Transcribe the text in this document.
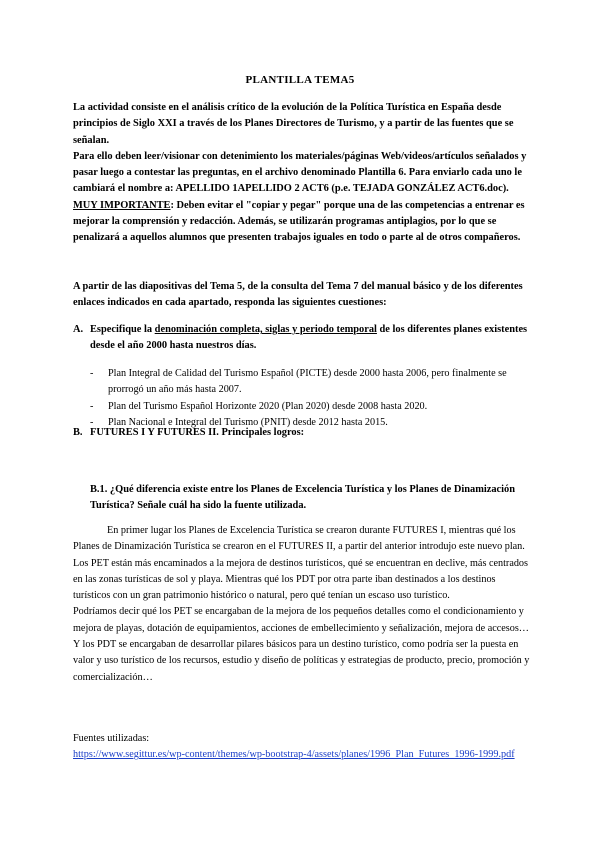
PLANTILLA TEMA5

La actividad consiste en el análisis crítico de la evolución de la Política Turística en España desde principios de Siglo XXI a través de los Planes Directores de Turismo, y a partir de las fuentes que se señalan.

Para ello deben leer/visionar con detenimiento los materiales/páginas Web/videos/artículos señalados y pasar luego a contestar las preguntas, en el archivo denominado Plantilla 6. Para enviarlo cada uno le cambiará el nombre a: APELLIDO 1APELLIDO 2 ACT6 (p.e. TEJADA GONZÁLEZ ACT6.doc).

MUY IMPORTANTE: Deben evitar el "copiar y pegar" porque una de las competencias a entrenar es mejorar la comprensión y redacción. Además, se utilizarán programas antiplagios, por lo que se penalizará a aquellos alumnos que presenten trabajos iguales en todo o parte al de otros compañeros.

A partir de las diapositivas del Tema 5, de la consulta del Tema 7 del manual básico y de los diferentes enlaces indicados en cada apartado, responda las siguientes cuestiones:
A. Especifique la denominación completa, siglas y periodo temporal de los diferentes planes existentes desde el año 2000 hasta nuestros días.
- Plan Integral de Calidad del Turismo Español (PICTE) desde 2000 hasta 2006, pero finalmente se prorrogó un año más hasta 2007.
- Plan del Turismo Español Horizonte 2020 (Plan 2020) desde 2008 hasta 2020.
- Plan Nacional e Integral del Turismo (PNIT) desde 2012 hasta 2015.
B. FUTURES I Y FUTURES II. Principales logros:
B.1. ¿Qué diferencia existe entre los Planes de Excelencia Turística y los Planes de Dinamización Turística? Señale cuál ha sido la fuente utilizada.

En primer lugar los Planes de Excelencia Turística se crearon durante FUTURES I, mientras qué los Planes de Dinamización Turística se crearon en el FUTURES II, a partir del anterior introdujo este nuevo plan.

Los PET están más encaminados a la mejora de destinos turísticos, qué se encuentran en declive, más centrados en las zonas turísticas de sol y playa. Mientras qué los PDT por otra parte iban destinados a los destinos turísticos con un gran patrimonio histórico o natural, pero qué tenían un escaso uso turístico.

Podríamos decir qué los PET se encargaban de la mejora de los pequeños detalles como el condicionamiento y mejora de playas, dotación de equipamientos, acciones de embellecimiento y señalización, mejora de accesos…

Y los PDT se encargaban de desarrollar pilares básicos para un destino turístico, como podría ser la puesta en valor y uso turístico de los recursos, estudio y diseño de políticas y estrategias de producto, precio, promoción y comercialización…

Fuentes utilizadas:

https://www.segittur.es/wp-content/themes/wp-bootstrap-4/assets/planes/1996_Plan_Futures_1996-1999.pdf
